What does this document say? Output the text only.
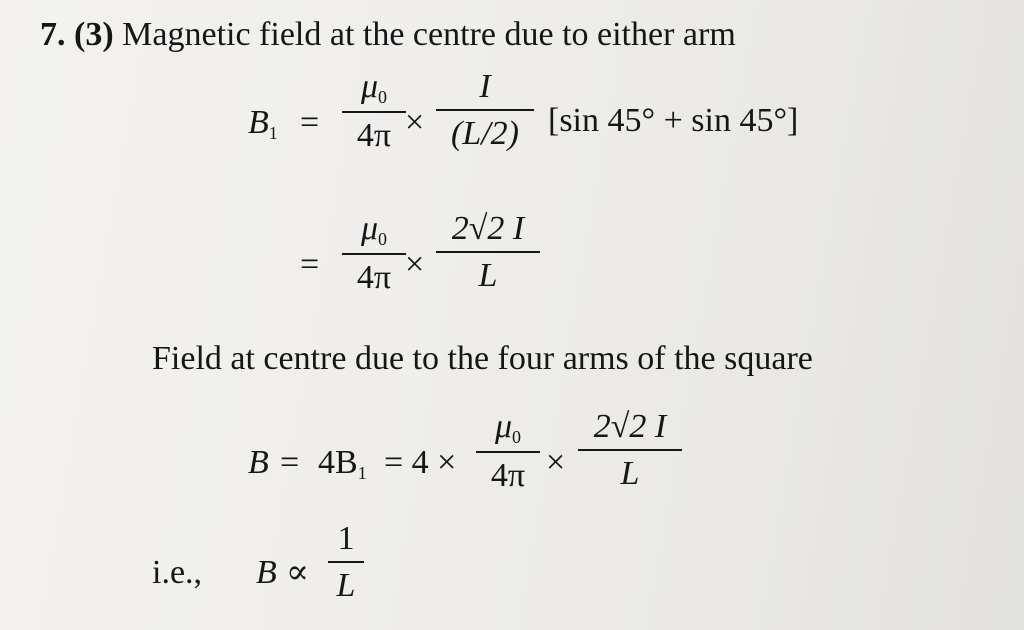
7. (3) Magnetic field at the centre due to either arm
$B_1$ =
$\mu_0$
4π ×
I
(L/2) [sin 45° + sin 45°]
=
$\mu_0$
4π ×
2√2 I
L
Field at centre due to the four arms of the square
$B = 4B_1 = 4$ ×
$\mu_0$
4π ×
2√2 I
L
i.e., B ∝
1
L
